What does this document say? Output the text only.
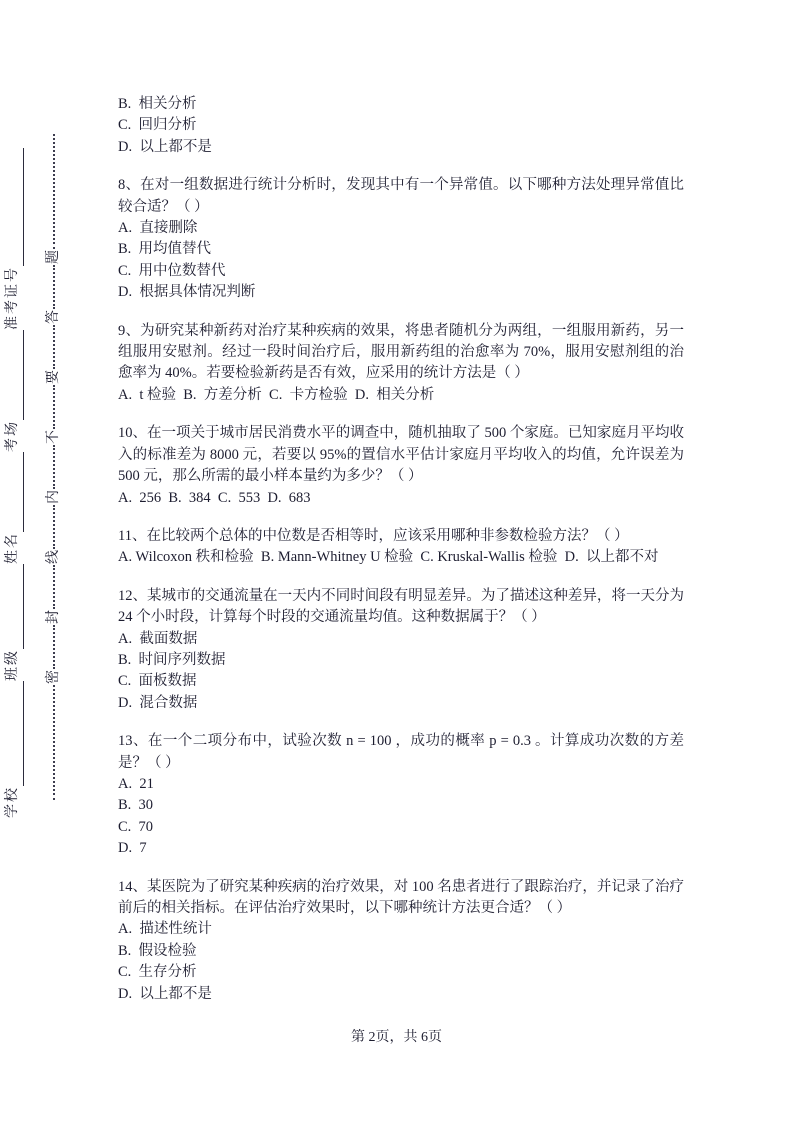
学校
班级
姓名
考场
准考证号
密
封
线
内
不
要
答
题
B.  相关分析
C.  回归分析
D.  以上都不是
8、在对一组数据进行统计分析时，发现其中有一个异常值。以下哪种方法处理异常值比较合适？（ ）
A.  直接删除
B.  用均值替代
C.  用中位数替代
D.  根据具体情况判断
9、为研究某种新药对治疗某种疾病的效果，将患者随机分为两组，一组服用新药，另一组服用安慰剂。经过一段时间治疗后，服用新药组的治愈率为 70%，服用安慰剂组的治愈率为 40%。若要检验新药是否有效，应采用的统计方法是（ ）
A.  t 检验  B.  方差分析  C.  卡方检验  D.  相关分析
10、在一项关于城市居民消费水平的调查中，随机抽取了 500 个家庭。已知家庭月平均收入的标准差为 8000 元，若要以 95%的置信水平估计家庭月平均收入的均值，允许误差为 500 元，那么所需的最小样本量约为多少？（ ）
A.  256  B.  384  C.  553  D.  683
11、在比较两个总体的中位数是否相等时，应该采用哪种非参数检验方法？（ ）
A. Wilcoxon 秩和检验  B. Mann-Whitney U 检验  C. Kruskal-Wallis 检验  D.  以上都不对
12、某城市的交通流量在一天内不同时间段有明显差异。为了描述这种差异，将一天分为 24 个小时段，计算每个时段的交通流量均值。这种数据属于？（ ）
A.  截面数据
B.  时间序列数据
C.  面板数据
D.  混合数据
13、在一个二项分布中，试验次数 n = 100 ，成功的概率 p = 0.3 。计算成功次数的方差是？（ ）
A.  21
B.  30
C.  70
D.  7
14、某医院为了研究某种疾病的治疗效果，对 100 名患者进行了跟踪治疗，并记录了治疗前后的相关指标。在评估治疗效果时，以下哪种统计方法更合适？（ ）
A.  描述性统计
B.  假设检验
C.  生存分析
D.  以上都不是
第 2页，共 6页
